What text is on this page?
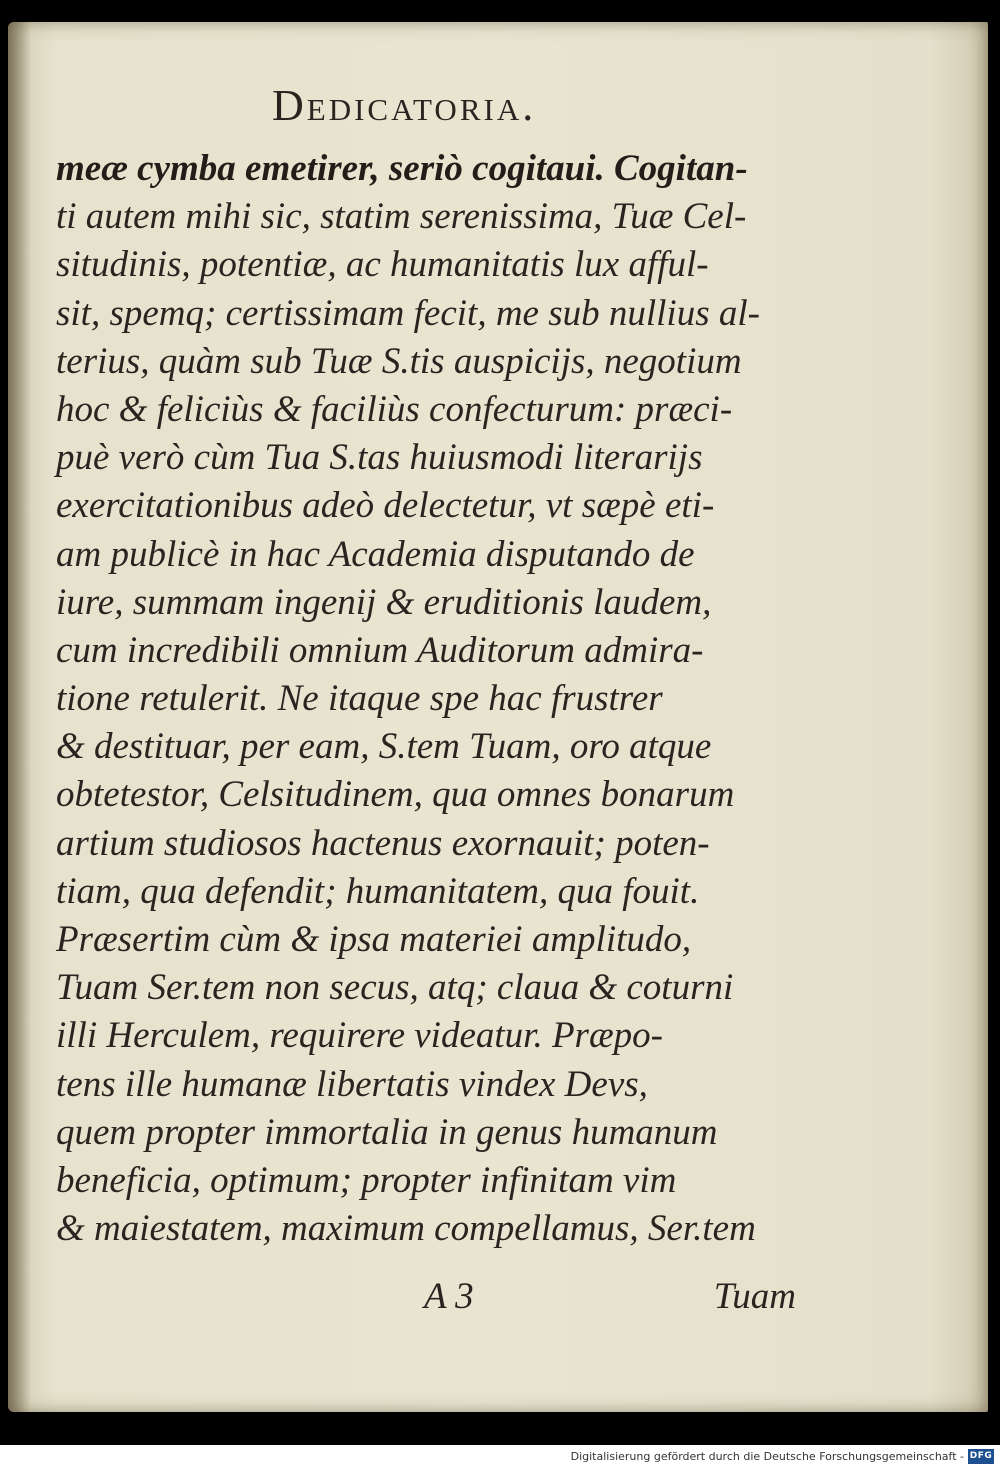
Dedicatoria.
meæ cymba emetirer, seriò cogitaui. Cogitan-
ti autem mihi sic, statim serenissima, Tuæ Cel-
situdinis, potentiæ, ac humanitatis lux afful-
sit, spemq; certissimam fecit, me sub nullius al-
terius, quàm sub Tuæ S.tis auspicijs, negotium
hoc & feliciùs & faciliùs confecturum: præci-
puè verò cùm Tua S.tas huiusmodi literarijs
exercitationibus adeò delectetur, vt sæpè eti-
am publicè in hac Academia disputando de
iure, summam ingenij & eruditionis laudem,
cum incredibili omnium Auditorum admira-
tione retulerit. Ne itaque spe hac frustrer
& destituar, per eam, S.tem Tuam, oro atque
obtetestor, Celsitudinem, qua omnes bonarum
artium studiosos hactenus exornauit; poten-
tiam, qua defendit; humanitatem, qua fouit.
Præsertim cùm & ipsa materiei amplitudo,
Tuam Ser.tem non secus, atq; claua & coturni
illi Herculem, requirere videatur. Præpo-
tens ille humanæ libertatis vindex Devs,
quem propter immortalia in genus humanum
beneficia, optimum; propter infinitam vim
& maiestatem, maximum compellamus, Ser.tem
A 3	Tuam
Digitalisierung gefördert durch die Deutsche Forschungsgemeinschaft - DFG
